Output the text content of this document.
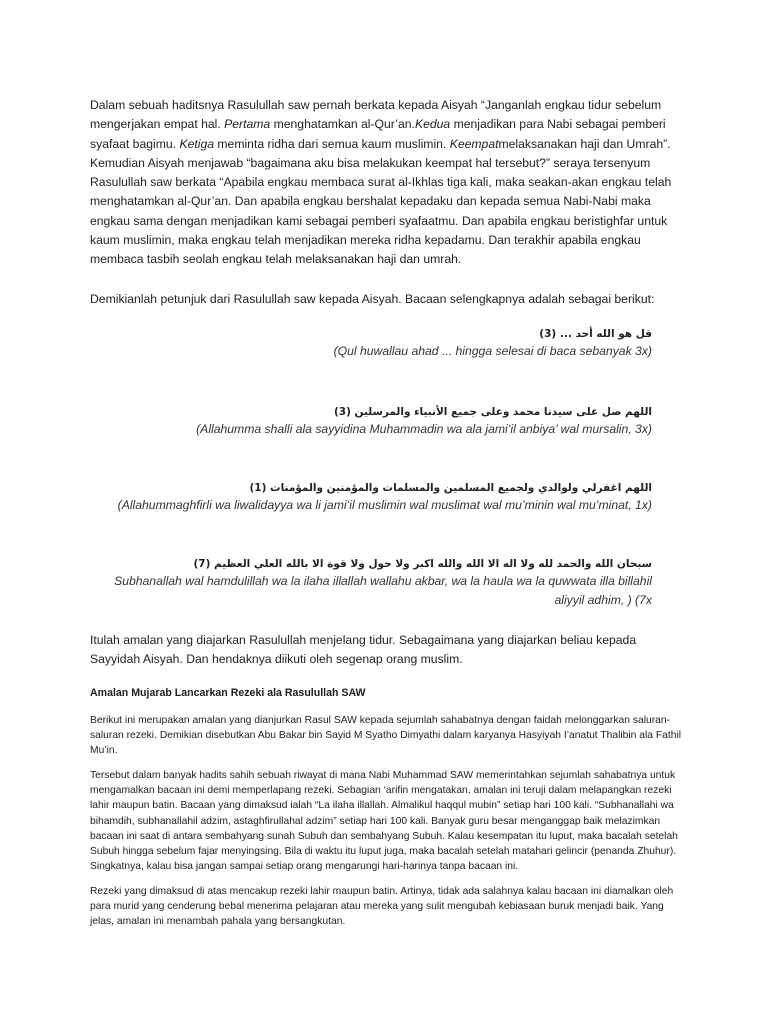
Dalam sebuah haditsnya Rasulullah saw pernah berkata kepada Aisyah “Janganlah engkau tidur sebelum mengerjakan empat hal. Pertama menghatamkan al-Qur’an.Kedua menjadikan para Nabi sebagai pemberi syafaat bagimu. Ketiga meminta ridha dari semua kaum muslimin. Keempatmelaksanakan haji dan Umrah”. Kemudian Aisyah menjawab “bagaimana aku bisa melakukan keempat hal tersebut?” seraya tersenyum Rasulullah saw berkata “Apabila engkau membaca surat al-Ikhlas tiga kali, maka seakan-akan engkau telah menghatamkan al-Qur’an. Dan apabila engkau bershalat kepadaku dan kepada semua Nabi-Nabi maka engkau sama dengan menjadikan kami sebagai pemberi syafaatmu. Dan apabila engkau beristighfar untuk kaum muslimin, maka engkau telah menjadikan mereka ridha kepadamu. Dan terakhir apabila engkau membaca tasbih seolah engkau telah melaksanakan haji dan umrah.

Demikianlah petunjuk dari Rasulullah saw kepada Aisyah. Bacaan selengkapnya adalah sebagai berikut:

قل هو الله أحد ... (3)
(Qul huwallau ahad ... hingga selesai di baca sebanyak 3x)
اللهم صل على سيدنا محمد وعلى جميع الأنبياء والمرسلين (3)
(Allahumma shalli ala sayyidina Muhammadin wa ala jami’il anbiya’ wal mursalin, 3x)
اللهم اغفرلي ولوالدي ولجميع المسلمين والمسلمات والمؤمنين والمؤمنات (1)
(Allahummaghfirli wa liwalidayya wa li jami’il muslimin wal muslimat wal mu’minin wal mu’minat, 1x)
سبحان الله والحمد لله ولا اله الا الله والله اكبر ولا حول ولا قوة الا بالله العلي العظيم (7)
Subhanallah wal hamdulillah wa la ilaha illallah wallahu akbar, wa la haula wa la quwwata illa billahil aliyyil adhim, ) (7x

Itulah amalan yang diajarkan Rasulullah menjelang tidur. Sebagaimana yang diajarkan beliau kepada Sayyidah Aisyah. Dan hendaknya diikuti oleh segenap orang muslim.

Amalan Mujarab Lancarkan Rezeki ala Rasulullah SAW

Berikut ini merupakan amalan yang dianjurkan Rasul SAW kepada sejumlah sahabatnya dengan faidah melonggarkan saluran-saluran rezeki. Demikian disebutkan Abu Bakar bin Sayid M Syatho Dimyathi dalam karyanya Hasyiyah I’anatut Thalibin ala Fathil Mu’in.

Tersebut dalam banyak hadits sahih sebuah riwayat di mana Nabi Muhammad SAW memerintahkan sejumlah sahabatnya untuk mengamalkan bacaan ini demi memperlapang rezeki. Sebagian ‘arifin mengatakan, amalan ini teruji dalam melapangkan rezeki lahir maupun batin. Bacaan yang dimaksud ialah “La ilaha illallah. Almalikul haqqul mubin” setiap hari 100 kali. “Subhanallahi wa bihamdih, subhanallahil adzim, astaghfirullahal adzim” setiap hari 100 kali. Banyak guru besar menganggap baik melazimkan bacaan ini saat di antara sembahyang sunah Subuh dan sembahyang Subuh. Kalau kesempatan itu luput, maka bacalah setelah Subuh hingga sebelum fajar menyingsing. Bila di waktu itu luput juga, maka bacalah setelah matahari gelincir (penanda Zhuhur). Singkatnya, kalau bisa jangan sampai setiap orang mengarungi hari-harinya tanpa bacaan ini.

Rezeki yang dimaksud di atas mencakup rezeki lahir maupun batin. Artinya, tidak ada salahnya kalau bacaan ini diamalkan oleh para murid yang cenderung bebal menerima pelajaran atau mereka yang sulit mengubah kebiasaan buruk menjadi baik. Yang jelas, amalan ini menambah pahala yang bersangkutan.
